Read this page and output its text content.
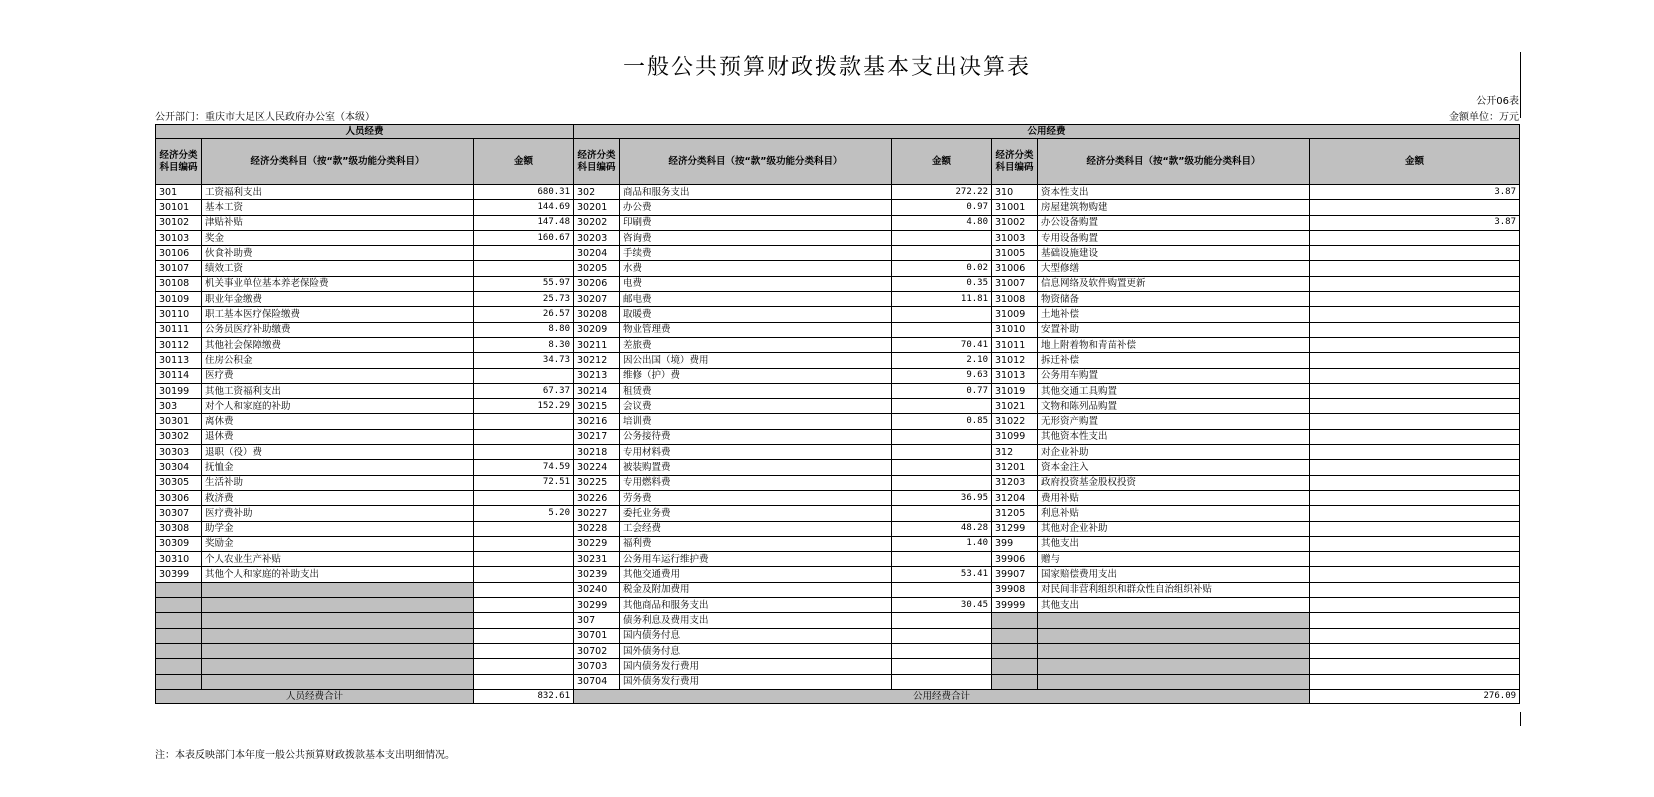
一般公共预算财政拨款基本支出决算表
公开06表
公开部门：重庆市大足区人民政府办公室（本级）	金额单位：万元
人员经费			公用经费					
经济分类科目编码	经济分类科目（按“款”级功能分类科目）	金额	经济分类科目编码	经济分类科目（按“款”级功能分类科目）	金额	经济分类科目编码	经济分类科目（按“款”级功能分类科目）	金额
301	工资福利支出	680.31	302	商品和服务支出	272.22	310	资本性支出	3.87
30101	基本工资	144.69	30201	办公费	0.97	31001	房屋建筑物购建	
30102	津贴补贴	147.48	30202	印刷费	4.80	31002	办公设备购置	3.87
30103	奖金	160.67	30203	咨询费		31003	专用设备购置	
30106	伙食补助费		30204	手续费		31005	基础设施建设	
30107	绩效工资		30205	水费	0.02	31006	大型修缮	
30108	机关事业单位基本养老保险费	55.97	30206	电费	0.35	31007	信息网络及软件购置更新	
30109	职业年金缴费	25.73	30207	邮电费	11.81	31008	物资储备	
30110	职工基本医疗保险缴费	26.57	30208	取暖费		31009	土地补偿	
30111	公务员医疗补助缴费	8.80	30209	物业管理费		31010	安置补助	
30112	其他社会保障缴费	8.30	30211	差旅费	70.41	31011	地上附着物和青苗补偿	
30113	住房公积金	34.73	30212	因公出国（境）费用	2.10	31012	拆迁补偿	
30114	医疗费		30213	维修（护）费	9.63	31013	公务用车购置	
30199	其他工资福利支出	67.37	30214	租赁费	0.77	31019	其他交通工具购置	
303	对个人和家庭的补助	152.29	30215	会议费		31021	文物和陈列品购置	
30301	离休费		30216	培训费	0.85	31022	无形资产购置	
30302	退休费		30217	公务接待费		31099	其他资本性支出	
30303	退职（役）费		30218	专用材料费		312	对企业补助	
30304	抚恤金	74.59	30224	被装购置费		31201	资本金注入	
30305	生活补助	72.51	30225	专用燃料费		31203	政府投资基金股权投资	
30306	救济费		30226	劳务费	36.95	31204	费用补贴	
30307	医疗费补助	5.20	30227	委托业务费		31205	利息补贴	
30308	助学金		30228	工会经费	48.28	31299	其他对企业补助	
30309	奖励金		30229	福利费	1.40	399	其他支出	
30310	个人农业生产补贴		30231	公务用车运行维护费		39906	赠与	
30399	其他个人和家庭的补助支出		30239	其他交通费用	53.41	39907	国家赔偿费用支出	
			30240	税金及附加费用		39908	对民间非营利组织和群众性自治组织补贴	
			30299	其他商品和服务支出	30.45	39999	其他支出	
			307	债务利息及费用支出				
			30701	国内债务付息				
			30702	国外债务付息				
			30703	国内债务发行费用				
			30704	国外债务发行费用				
人员经费合计		832.61	公用经费合计					276.09
注：本表反映部门本年度一般公共预算财政拨款基本支出明细情况。
